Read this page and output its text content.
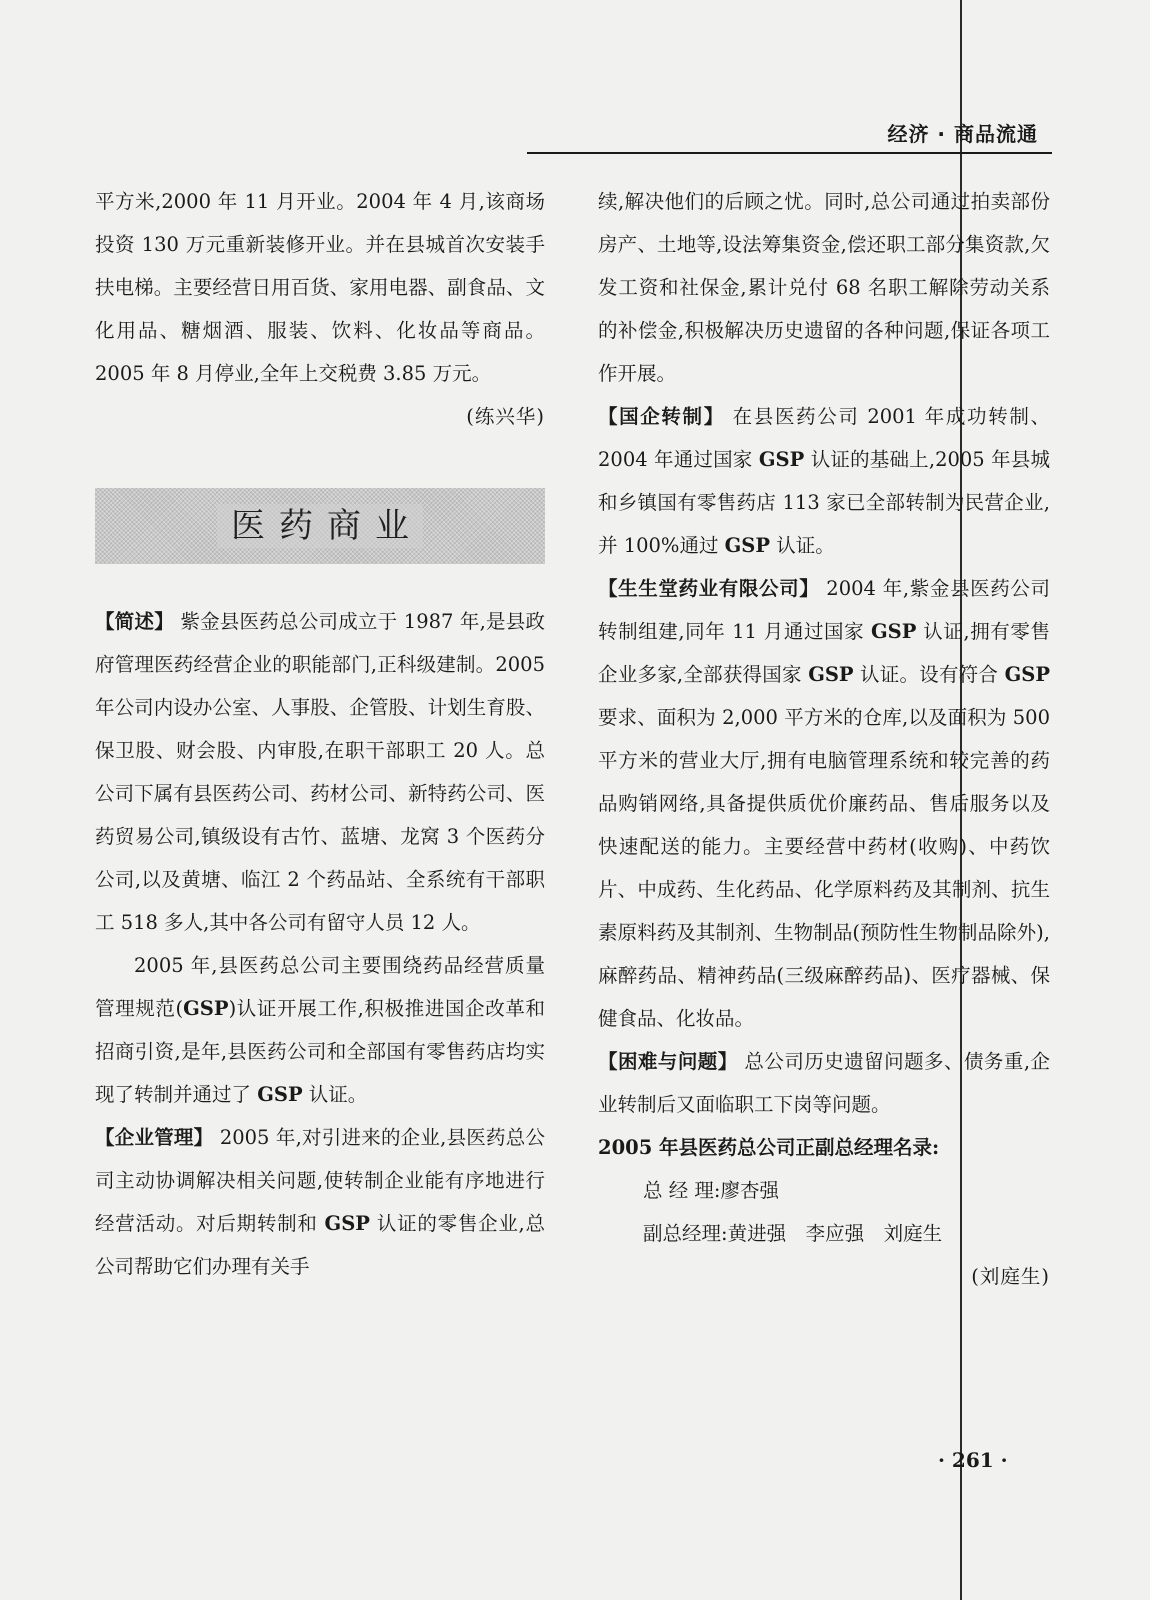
经济 · 商品流通

平方米,2000 年 11 月开业。2004 年 4 月,该商场投资 130 万元重新装修开业。并在县城首次安装手扶电梯。主要经营日用百货、家用电器、副食品、文化用品、糖烟酒、服装、饮料、化妆品等商品。2005 年 8 月停业,全年上交税费 3.85 万元。

(练兴华)

医药商业

【简述】 紫金县医药总公司成立于 1987 年,是县政府管理医药经营企业的职能部门,正科级建制。2005 年公司内设办公室、人事股、企管股、计划生育股、保卫股、财会股、内审股,在职干部职工 20 人。总公司下属有县医药公司、药材公司、新特药公司、医药贸易公司,镇级设有古竹、蓝塘、龙窝 3 个医药分公司,以及黄塘、临江 2 个药品站、全系统有干部职工 518 多人,其中各公司有留守人员 12 人。

2005 年,县医药总公司主要围绕药品经营质量管理规范(GSP)认证开展工作,积极推进国企改革和招商引资,是年,县医药公司和全部国有零售药店均实现了转制并通过了 GSP 认证。

【企业管理】 2005 年,对引进来的企业,县医药总公司主动协调解决相关问题,使转制企业能有序地进行经营活动。对后期转制和 GSP 认证的零售企业,总公司帮助它们办理有关手

续,解决他们的后顾之忧。同时,总公司通过拍卖部份房产、土地等,设法筹集资金,偿还职工部分集资款,欠发工资和社保金,累计兑付 68 名职工解除劳动关系的补偿金,积极解决历史遗留的各种问题,保证各项工作开展。

【国企转制】 在县医药公司 2001 年成功转制、2004 年通过国家 GSP 认证的基础上,2005 年县城和乡镇国有零售药店 113 家已全部转制为民营企业,并 100%通过 GSP 认证。

【生生堂药业有限公司】 2004 年,紫金县医药公司转制组建,同年 11 月通过国家 GSP 认证,拥有零售企业多家,全部获得国家 GSP 认证。设有符合 GSP 要求、面积为 2,000 平方米的仓库,以及面积为 500 平方米的营业大厅,拥有电脑管理系统和较完善的药品购销网络,具备提供质优价廉药品、售后服务以及快速配送的能力。主要经营中药材(收购)、中药饮片、中成药、生化药品、化学原料药及其制剂、抗生素原料药及其制剂、生物制品(预防性生物制品除外),麻醉药品、精神药品(三级麻醉药品)、医疗器械、保健食品、化妆品。

【困难与问题】 总公司历史遗留问题多、债务重,企业转制后又面临职工下岗等问题。

2005 年县医药总公司正副总经理名录:

总 经 理:廖杏强

副总经理:黄进强　李应强　刘庭生

(刘庭生)

· 261 ·
